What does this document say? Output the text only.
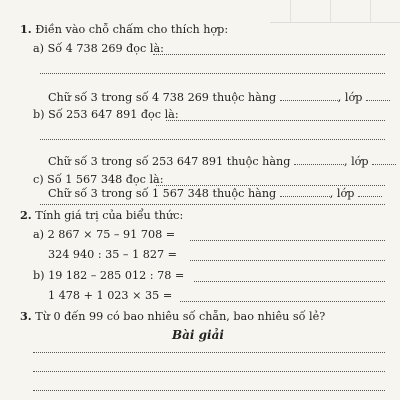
1. Điền vào chỗ chấm cho thích hợp:
a) Số 4 738 269 đọc là:
Chữ số 3 trong số 4 738 269 thuộc hàng	, lớp
b) Số 253 647 891 đọc là:
Chữ số 3 trong số 253 647 891 thuộc hàng	, lớp
c) Số 1 567 348 đọc là:
Chữ số 3 trong số 1 567 348 thuộc hàng	, lớp
2. Tính giá trị của biểu thức:
a) 2 867 × 75 – 91 708 =
324 940 : 35 – 1 827 =
b) 19 182 – 285 012 : 78 =
1 478 + 1 023 × 35 =
3. Từ 0 đến 99 có bao nhiêu số chẵn, bao nhiêu số lẻ?
Bài giải
